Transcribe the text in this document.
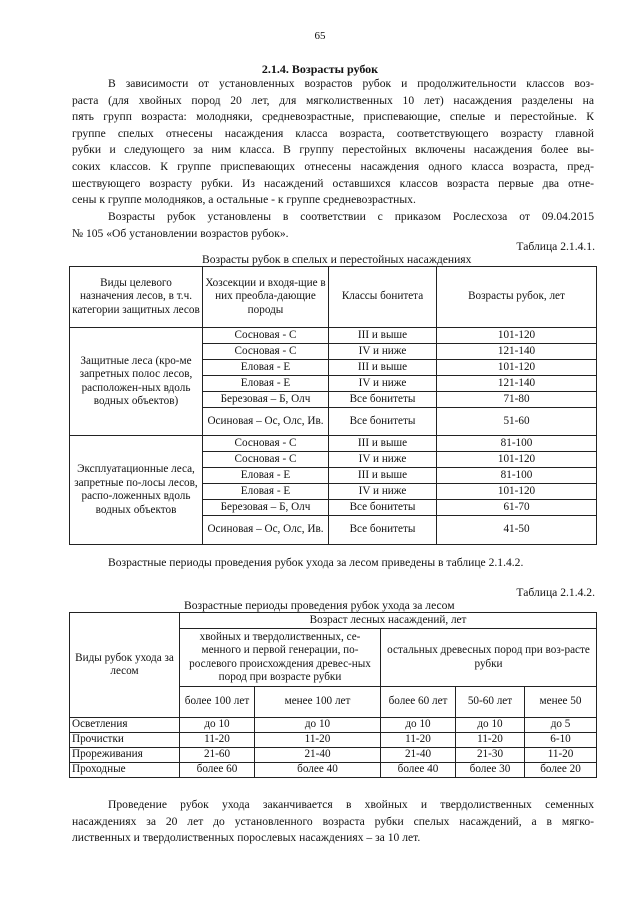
65
2.1.4. Возрасты рубок
В зависимости от установленных возрастов рубок и продолжительности классов воз-
раста (для хвойных пород 20 лет, для мягколиственных 10 лет) насаждения разделены на
пять групп возраста: молодняки, средневозрастные, приспевающие, спелые и перестойные. К
группе спелых отнесены насаждения класса возраста, соответствующего возрасту главной
рубки и следующего за ним класса. В группу перестойных включены насаждения более вы-
соких классов. К группе приспевающих отнесены насаждения одного класса возраста, пред-
шествующего возрасту рубки. Из насаждений оставшихся классов возраста первые два отне-
сены к группе молодняков, а остальные - к группе средневозрастных.
Возрасты рубок установлены в соответствии с приказом Рослесхоза от 09.04.2015
№ 105 «Об установлении возрастов рубок».
Таблица 2.1.4.1.
Возрасты рубок в спелых и перестойных насаждениях
Виды целевого назначения лесов, в т.ч. категории защитных лесов	Хозсекции и входя-щие в них преобла-дающие породы	Классы бонитета	Возрасты рубок, лет
Защитные леса (кро-ме запретных полос лесов, расположен-ных вдоль водных объектов)	Сосновая - С	III и выше	101-120
	Сосновая - С	IV и ниже	121-140
	Еловая - Е	III и выше	101-120
	Еловая - Е	IV и ниже	121-140
	Березовая – Б, Олч	Все бонитеты	71-80
	Осиновая – Ос, Олс, Ив.	Все бонитеты	51-60
Эксплуатационные леса, запретные по-лосы лесов, распо-ложенных вдоль водных объектов	Сосновая - С	III и выше	81-100
	Сосновая - С	IV и ниже	101-120
	Еловая - Е	III и выше	81-100
	Еловая - Е	IV и ниже	101-120
	Березовая – Б, Олч	Все бонитеты	61-70
	Осиновая – Ос, Олс, Ив.	Все бонитеты	41-50
Возрастные периоды проведения рубок ухода за лесом приведены в таблице 2.1.4.2.
Таблица 2.1.4.2.
Возрастные периоды проведения рубок ухода за лесом
Виды рубок ухода за лесом	Возраст лесных насаждений, лет				
	хвойных и твердолиственных, се-менного и первой генерации, по-рослевого происхождения древес-ных пород при возрасте рубки		остальных древесных пород при воз-расте рубки		
	более 100 лет	менее 100 лет	более 60 лет	50-60 лет	менее 50
Осветления	до 10	до 10	до 10	до 10	до 5
Прочистки	11-20	11-20	11-20	11-20	6-10
Прореживания	21-60	21-40	21-40	21-30	11-20
Проходные	более 60	более 40	более 40	более 30	более 20
Проведение рубок ухода заканчивается в хвойных и твердолиственных семенных
насаждениях за 20 лет до установленного возраста рубки спелых насаждений, а в мягко-
лиственных и твердолиственных порослевых насаждениях – за 10 лет.
